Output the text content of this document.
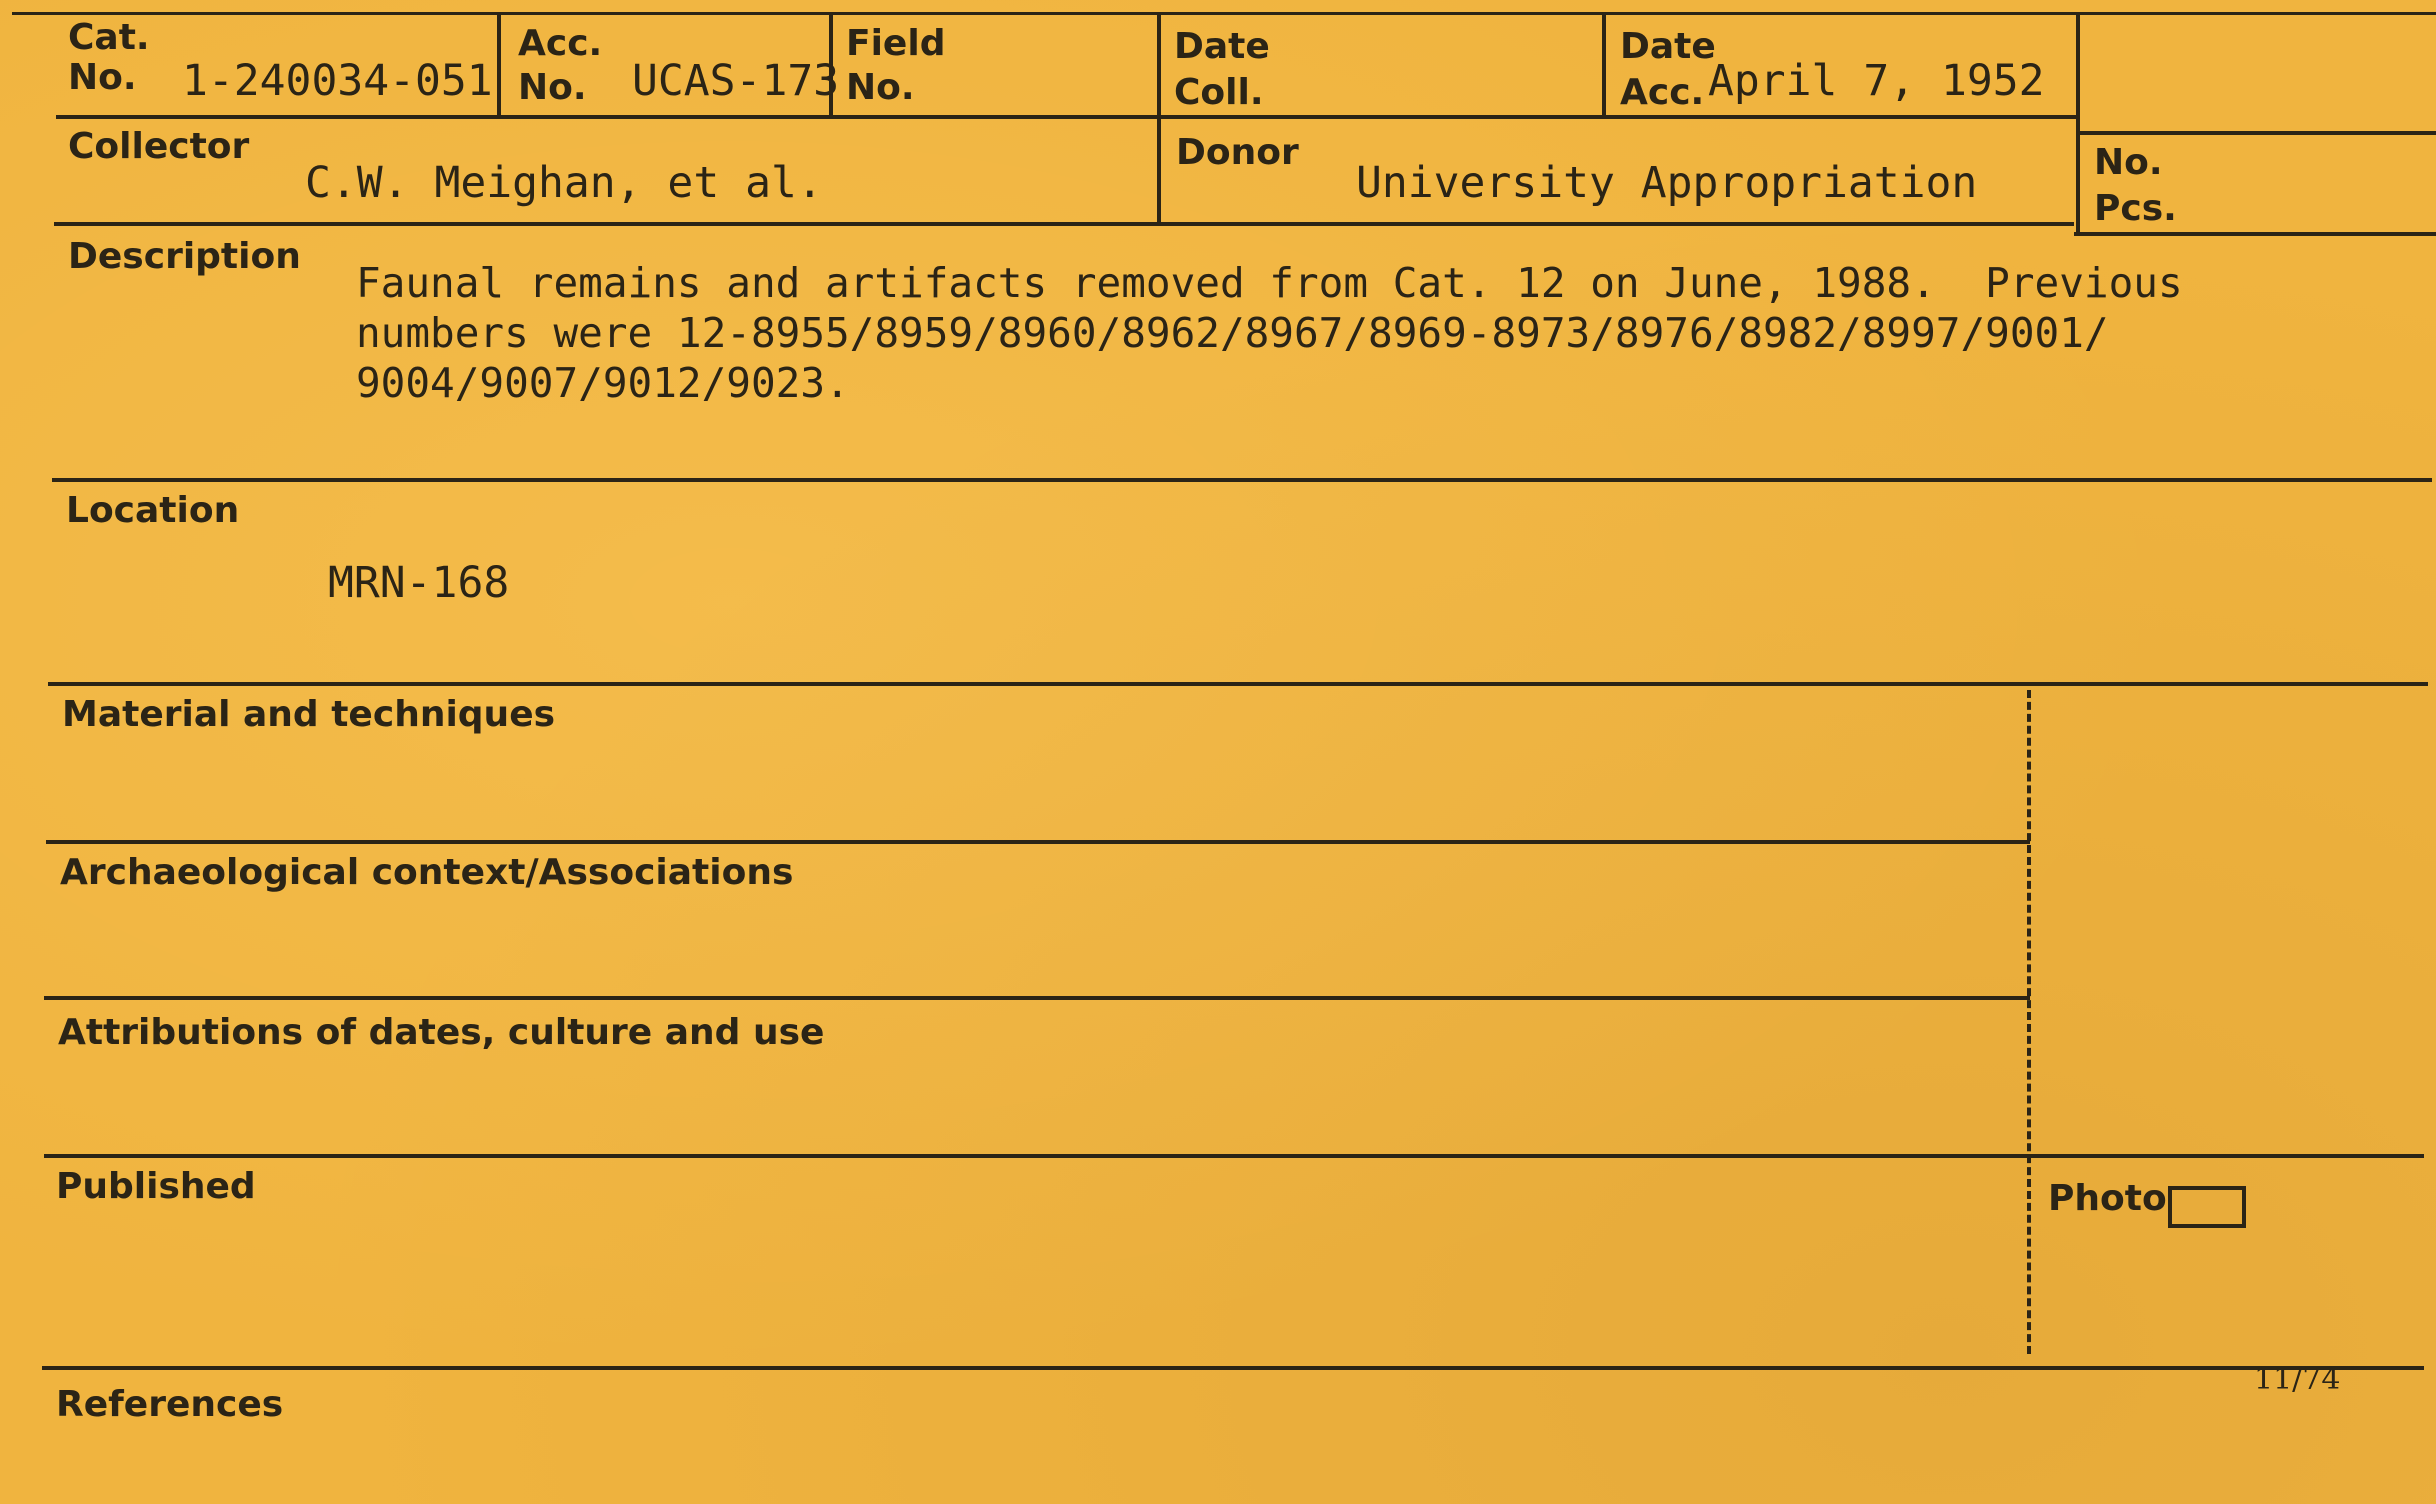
Cat.
No.	1-240034-051
Acc.
No.	UCAS-173
Field
No.
Date
Coll.
Date
Acc. April 7, 1952
Collector
C.W. Meighan, et al.
Donor
University Appropriation	No.
Pcs.
Description
Faunal remains and artifacts removed from Cat. 12 on June, 1988.  Previous
numbers were 12-8955/8959/8960/8962/8967/8969-8973/8976/8982/8997/9001/
9004/9007/9012/9023.
Location
MRN-168
Material and techniques
Archaeological context/Associations
Attributions of dates, culture and use
Published
References
Photo
11/74
